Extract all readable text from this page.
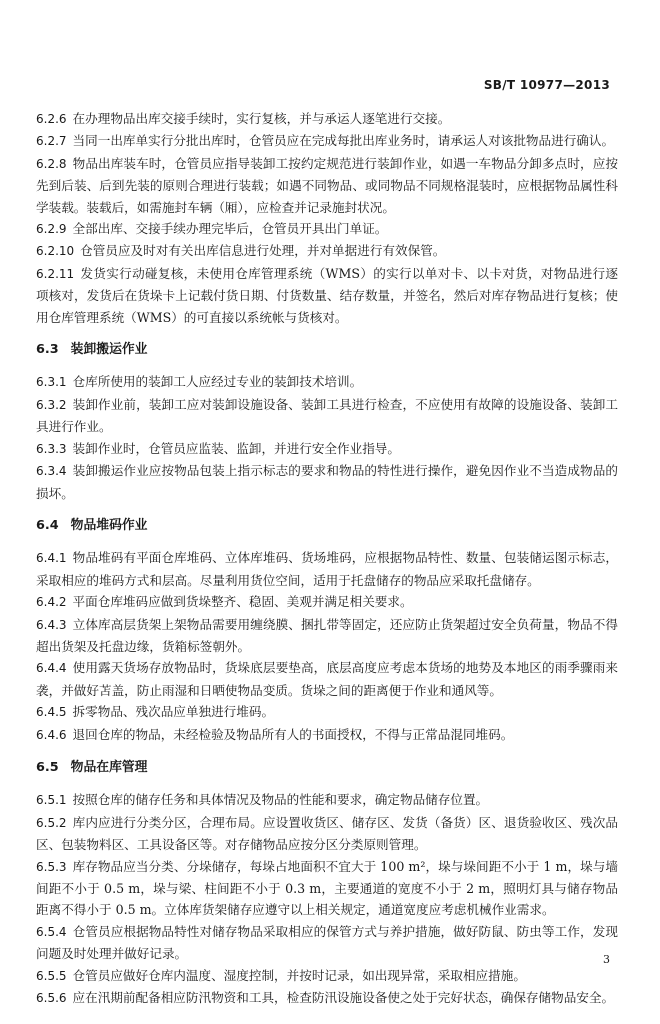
SB/T 10977—2013

6.2.6 在办理物品出库交接手续时，实行复核，并与承运人逐笔进行交接。

6.2.7 当同一出库单实行分批出库时，仓管员应在完成每批出库业务时，请承运人对该批物品进行确认。

6.2.8 物品出库装车时，仓管员应指导装卸工按约定规范进行装卸作业，如遇一车物品分卸多点时，应按先到后装、后到先装的原则合理进行装载；如遇不同物品、或同物品不同规格混装时，应根据物品属性科学装载。装载后，如需施封车辆（厢），应检查并记录施封状况。

6.2.9 全部出库、交接手续办理完毕后，仓管员开具出门单证。

6.2.10 仓管员应及时对有关出库信息进行处理，并对单据进行有效保管。

6.2.11 发货实行动碰复核，未使用仓库管理系统（WMS）的实行以单对卡、以卡对货，对物品进行逐项核对，发货后在货垛卡上记载付货日期、付货数量、结存数量，并签名，然后对库存物品进行复核；使用仓库管理系统（WMS）的可直接以系统帐与货核对。

6.3 装卸搬运作业

6.3.1 仓库所使用的装卸工人应经过专业的装卸技术培训。

6.3.2 装卸作业前，装卸工应对装卸设施设备、装卸工具进行检查，不应使用有故障的设施设备、装卸工具进行作业。

6.3.3 装卸作业时，仓管员应监装、监卸，并进行安全作业指导。

6.3.4 装卸搬运作业应按物品包装上指示标志的要求和物品的特性进行操作，避免因作业不当造成物品的损坏。

6.4 物品堆码作业

6.4.1 物品堆码有平面仓库堆码、立体库堆码、货场堆码，应根据物品特性、数量、包装储运图示标志，采取相应的堆码方式和层高。尽量利用货位空间，适用于托盘储存的物品应采取托盘储存。

6.4.2 平面仓库堆码应做到货垛整齐、稳固、美观并满足相关要求。

6.4.3 立体库高层货架上架物品需要用缠绕膜、捆扎带等固定，还应防止货架超过安全负荷量，物品不得超出货架及托盘边缘，货箱标签朝外。

6.4.4 使用露天货场存放物品时，货垛底层要垫高，底层高度应考虑本货场的地势及本地区的雨季骤雨来袭，并做好苫盖，防止雨湿和日晒使物品变质。货垛之间的距离便于作业和通风等。

6.4.5 拆零物品、残次品应单独进行堆码。

6.4.6 退回仓库的物品，未经检验及物品所有人的书面授权，不得与正常品混同堆码。

6.5 物品在库管理

6.5.1 按照仓库的储存任务和具体情况及物品的性能和要求，确定物品储存位置。

6.5.2 库内应进行分类分区，合理布局。应设置收货区、储存区、发货（备货）区、退货验收区、残次品区、包装物料区、工具设备区等。对存储物品应按分区分类原则管理。

6.5.3 库存物品应当分类、分垛储存，每垛占地面积不宜大于 100 m²，垛与垛间距不小于 1 m，垛与墙间距不小于 0.5 m，垛与梁、柱间距不小于 0.3 m，主要通道的宽度不小于 2 m，照明灯具与储存物品距离不得小于 0.5 m。立体库货架储存应遵守以上相关规定，通道宽度应考虑机械作业需求。

6.5.4 仓管员应根据物品特性对储存物品采取相应的保管方式与养护措施，做好防鼠、防虫等工作，发现问题及时处理并做好记录。

6.5.5 仓管员应做好仓库内温度、湿度控制，并按时记录，如出现异常，采取相应措施。

6.5.6 应在汛期前配备相应防汛物资和工具，检查防汛设施设备使之处于完好状态，确保存储物品安全。

3
